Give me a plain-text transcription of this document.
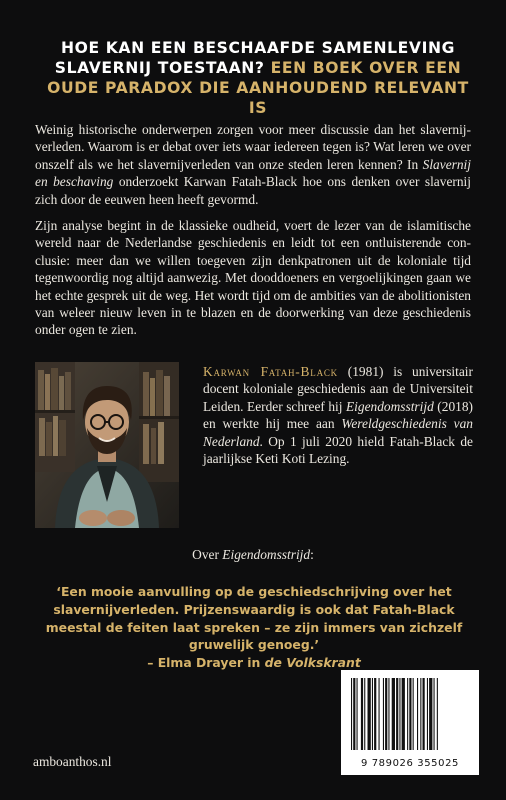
HOE KAN EEN BESCHAAFDE SAMENLEVING SLAVERNIJ TOESTAAN? EEN BOEK OVER EEN OUDE PARADOX DIE AANHOUDEND RELEVANT IS

Weinig historische onderwerpen zorgen voor meer discussie dan het slavernijverleden. Waarom is er debat over iets waar iedereen tegen is? Wat leren we over onszelf als we het slavernijverleden van onze steden leren kennen? In Slavernij en beschaving onderzoekt Karwan Fatah-Black hoe ons denken over slavernij zich door de eeuwen heen heeft gevormd.

Zijn analyse begint in de klassieke oudheid, voert de lezer van de islamitische wereld naar de Nederlandse geschiedenis en leidt tot een ontluisterende conclusie: meer dan we willen toegeven zijn denkpatronen uit de koloniale tijd tegenwoordig nog altijd aanwezig. Met dooddoeners en vergoelijkingen gaan we het echte gesprek uit de weg. Het wordt tijd om de ambities van de abolitionisten van weleer nieuw leven in te blazen en de doorwerking van deze geschiedenis onder ogen te zien.

Karwan Fatah-Black (1981) is universitair docent koloniale geschiedenis aan de Universiteit Leiden. Eerder schreef hij Eigendomsstrijd (2018) en werkte hij mee aan Wereldgeschiedenis van Nederland. Op 1 juli 2020 hield Fatah-Black de jaarlijkse Keti Koti Lezing.

Over Eigendomsstrijd:

‘Een mooie aanvulling op de geschiedschrijving over het slavernijverleden. Prijzenswaardig is ook dat Fatah-Black meestal de feiten laat spreken – ze zijn immers van zichzelf gruwelijk genoeg.’
– Elma Drayer in de Volkskrant

9 789026 355025
amboanthos.nl
